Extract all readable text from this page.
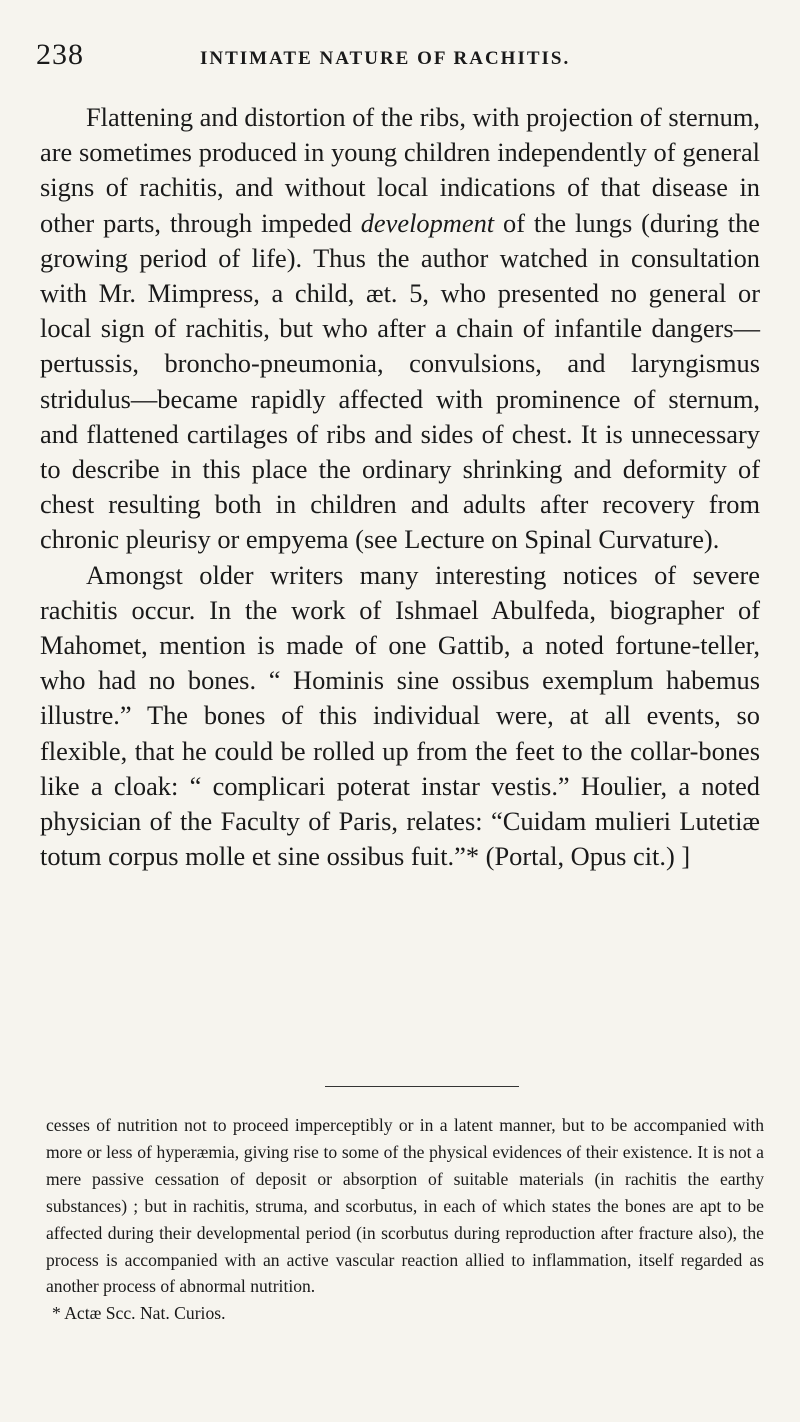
238	INTIMATE NATURE OF RACHITIS.

Flattening and distortion of the ribs, with projection of sternum, are sometimes produced in young children independently of general signs of rachitis, and without local indications of that disease in other parts, through impeded development of the lungs (during the growing period of life). Thus the author watched in consultation with Mr. Mimpress, a child, æt. 5, who presented no general or local sign of rachitis, but who after a chain of infantile dangers—pertussis, broncho-pneumonia, convulsions, and laryngismus stridulus—became rapidly affected with prominence of sternum, and flattened cartilages of ribs and sides of chest. It is unnecessary to describe in this place the ordinary shrinking and deformity of chest resulting both in children and adults after recovery from chronic pleurisy or empyema (see Lecture on Spinal Curvature).

Amongst older writers many interesting notices of severe rachitis occur. In the work of Ishmael Abulfeda, biographer of Mahomet, mention is made of one Gattib, a noted fortune-teller, who had no bones. “ Hominis sine ossibus exemplum habemus illustre.” The bones of this individual were, at all events, so flexible, that he could be rolled up from the feet to the collar-bones like a cloak: “ complicari poterat instar vestis.” Houlier, a noted physician of the Faculty of Paris, relates: “Cuidam mulieri Lutetiæ totum corpus molle et sine ossibus fuit.”* (Portal, Opus cit.) ]

cesses of nutrition not to proceed imperceptibly or in a latent manner, but to be accompanied with more or less of hyperæmia, giving rise to some of the physical evidences of their existence. It is not a mere passive cessation of deposit or absorption of suitable materials (in rachitis the earthy substances) ; but in rachitis, struma, and scorbutus, in each of which states the bones are apt to be affected during their developmental period (in scorbutus during reproduction after fracture also), the process is accompanied with an active vascular reaction allied to inflammation, itself regarded as another process of abnormal nutrition.

* Actæ Scc. Nat. Curios.
